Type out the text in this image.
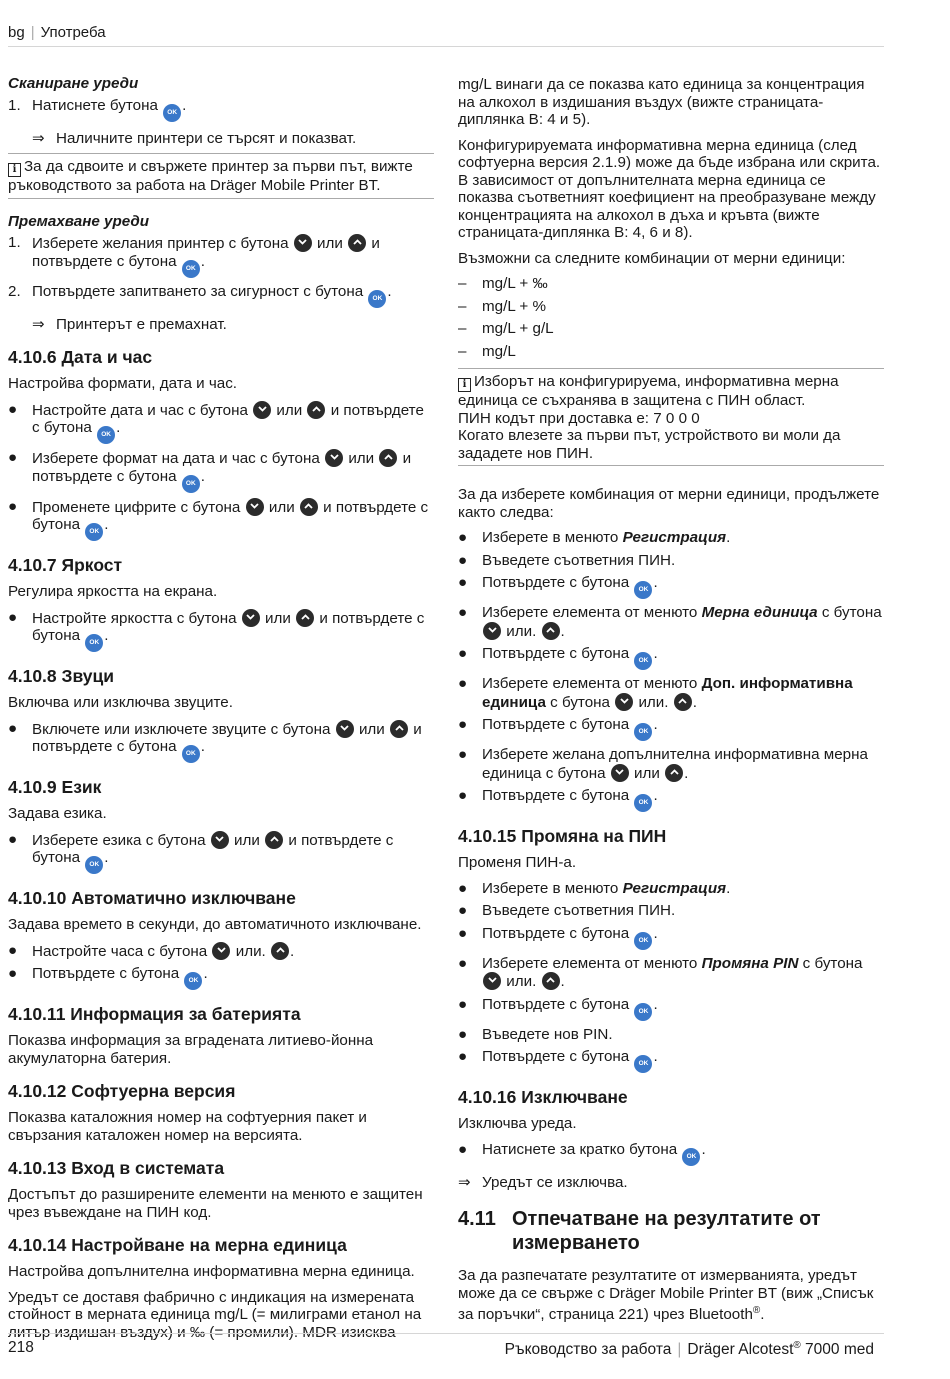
bg | Употреба

Сканиране уреди

1. Натиснете бутона OK .
⇒ Наличните принтери се търсят и показват.
i За да сдвоите и свържете принтер за първи път, вижте ръководството за работа на Dräger Mobile Printer BT.

Премахване уреди

1. Изберете желания принтер с бутона или и потвърдете с бутона OK .
2. Потвърдете запитването за сигурност с бутона OK .
⇒ Принтерът е премахнат.
4.10.6 Дата и час

Настройва формати, дата и час.

● Настройте дата и час с бутона или и потвърдете с бутона OK .
● Изберете формат на дата и час с бутона или и потвърдете с бутона OK .
● Променете цифрите с бутона или и потвърдете с бутона OK .
4.10.7 Яркост

Регулира яркостта на екрана.

● Настройте яркостта с бутона или и потвърдете с бутона OK .
4.10.8 Звуци

Включва или изключва звуците.

● Включете или изключете звуците с бутона или и потвърдете с бутона OK .
4.10.9 Език

Задава езика.

● Изберете езика с бутона или и потвърдете с бутона OK .
4.10.10 Автоматично изключване

Задава времето в секунди, до автоматичното изключване.

● Настройте часа с бутона или. .
● Потвърдете с бутона OK .
4.10.11 Информация за батерията

Показва информация за вградената литиево-йонна акумулаторна батерия.

4.10.12 Софтуерна версия

Показва каталожния номер на софтуерния пакет и свързания каталожен номер на версията.

4.10.13 Вход в системата

Достъпът до разширените елементи на менюто е защитен чрез въвеждане на ПИН код.

4.10.14 Настройване на мерна единица

Настройва допълнителна информативна мерна единица.

Уредът се доставя фабрично с индикация на измерената стойност в мерната единица mg/L (= милиграми етанол на литър издишан въздух) и ‰ (= промили). MDR изисква

mg/L винаги да се показва като единица за концентрация на алкохол в издишания въздух (вижте страницата-диплянка B: 4 и 5).

Конфигурируемата информативна мерна единица (след софтуерна версия 2.1.9) може да бъде избрана или скрита. В зависимост от допълнителната мерна единица се показва съответният коефициент на преобразуване между концентрацията на алкохол в дъха и кръвта (вижте страницата-диплянка B: 4, 6 и 8).

Възможни са следните комбинации от мерни единици:

– mg/L + ‰
– mg/L + %
– mg/L + g/L
– mg/L
i Изборът на конфигурируема, информативна мерна единица се съхранява в защитена с ПИН област.
ПИН кодът при доставка е: 7 0 0 0
Когато влезете за първи път, устройството ви моли да зададете нов ПИН.

За да изберете комбинация от мерни единици, продължете както следва:

● Изберете в менюто Регистрация.
● Въведете съответния ПИН.
● Потвърдете с бутона OK .
● Изберете елемента от менюто Мерна единица с бутона
или. .
● Потвърдете с бутона OK .
● Изберете елемента от менюто Доп. информативна единица с бутона или. .
● Потвърдете с бутона OK .
● Изберете желана допълнителна информативна мерна единица с бутона или .
● Потвърдете с бутона OK .
4.10.15 Промяна на ПИН

Променя ПИН-а.

● Изберете в менюто Регистрация.
● Въведете съответния ПИН.
● Потвърдете с бутона OK .
● Изберете елемента от менюто Промяна PIN с бутона
или. .
● Потвърдете с бутона OK .
● Въведете нов PIN.
● Потвърдете с бутона OK .
4.10.16 Изключване

Изключва уреда.

● Натиснете за кратко бутона OK .
⇒ Уредът се изключва.
4.11 Отпечатване на резултатите от измерването

За да разпечатате резултатите от измерванията, уредът може да се свърже с Dräger Mobile Printer BT (виж „Списък за поръчки“, страница 221) чрез Bluetooth®.

218	Ръководство за работа | Dräger Alcotest® 7000 med
